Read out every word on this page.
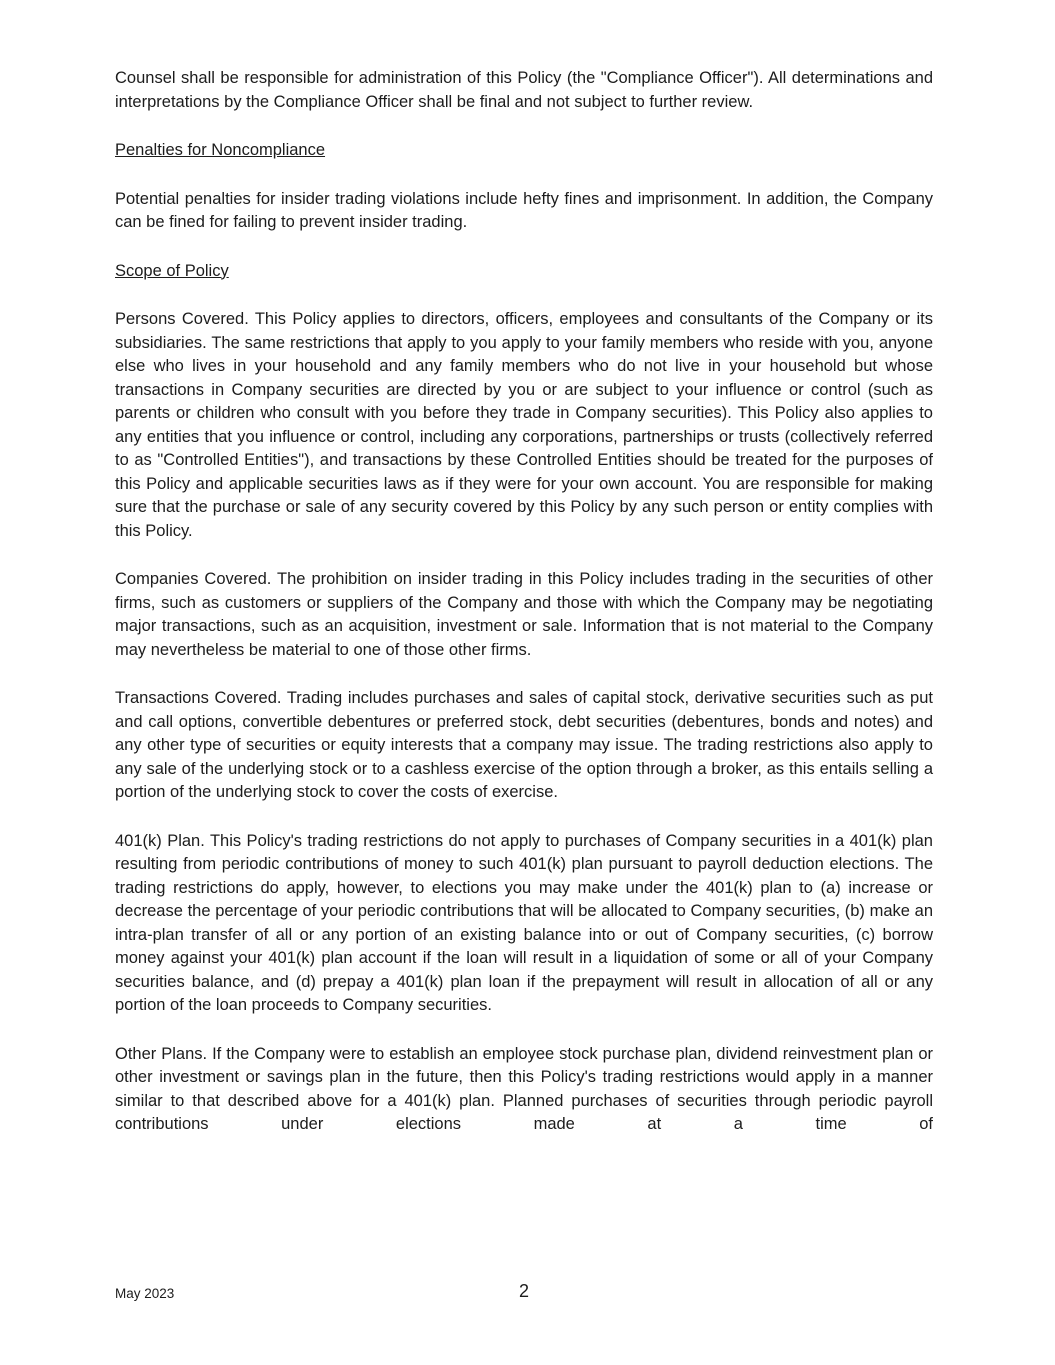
Counsel shall be responsible for administration of this Policy (the "Compliance Officer"). All determinations and interpretations by the Compliance Officer shall be final and not subject to further review.

Penalties for Noncompliance

Potential penalties for insider trading violations include hefty fines and imprisonment. In addition, the Company can be fined for failing to prevent insider trading.

Scope of Policy

Persons Covered. This Policy applies to directors, officers, employees and consultants of the Company or its subsidiaries. The same restrictions that apply to you apply to your family members who reside with you, anyone else who lives in your household and any family members who do not live in your household but whose transactions in Company securities are directed by you or are subject to your influence or control (such as parents or children who consult with you before they trade in Company securities). This Policy also applies to any entities that you influence or control, including any corporations, partnerships or trusts (collectively referred to as "Controlled Entities"), and transactions by these Controlled Entities should be treated for the purposes of this Policy and applicable securities laws as if they were for your own account. You are responsible for making sure that the purchase or sale of any security covered by this Policy by any such person or entity complies with this Policy.

Companies Covered. The prohibition on insider trading in this Policy includes trading in the securities of other firms, such as customers or suppliers of the Company and those with which the Company may be negotiating major transactions, such as an acquisition, investment or sale. Information that is not material to the Company may nevertheless be material to one of those other firms.

Transactions Covered. Trading includes purchases and sales of capital stock, derivative securities such as put and call options, convertible debentures or preferred stock, debt securities (debentures, bonds and notes) and any other type of securities or equity interests that a company may issue. The trading restrictions also apply to any sale of the underlying stock or to a cashless exercise of the option through a broker, as this entails selling a portion of the underlying stock to cover the costs of exercise.

401(k) Plan. This Policy's trading restrictions do not apply to purchases of Company securities in a 401(k) plan resulting from periodic contributions of money to such 401(k) plan pursuant to payroll deduction elections. The trading restrictions do apply, however, to elections you may make under the 401(k) plan to (a) increase or decrease the percentage of your periodic contributions that will be allocated to Company securities, (b) make an intra-plan transfer of all or any portion of an existing balance into or out of Company securities, (c) borrow money against your 401(k) plan account if the loan will result in a liquidation of some or all of your Company securities balance, and (d) prepay a 401(k) plan loan if the prepayment will result in allocation of all or any portion of the loan proceeds to Company securities.

Other Plans. If the Company were to establish an employee stock purchase plan, dividend reinvestment plan or other investment or savings plan in the future, then this Policy's trading restrictions would apply in a manner similar to that described above for a 401(k) plan. Planned purchases of securities through periodic payroll contributions under elections made at a time of

May 2023	2
